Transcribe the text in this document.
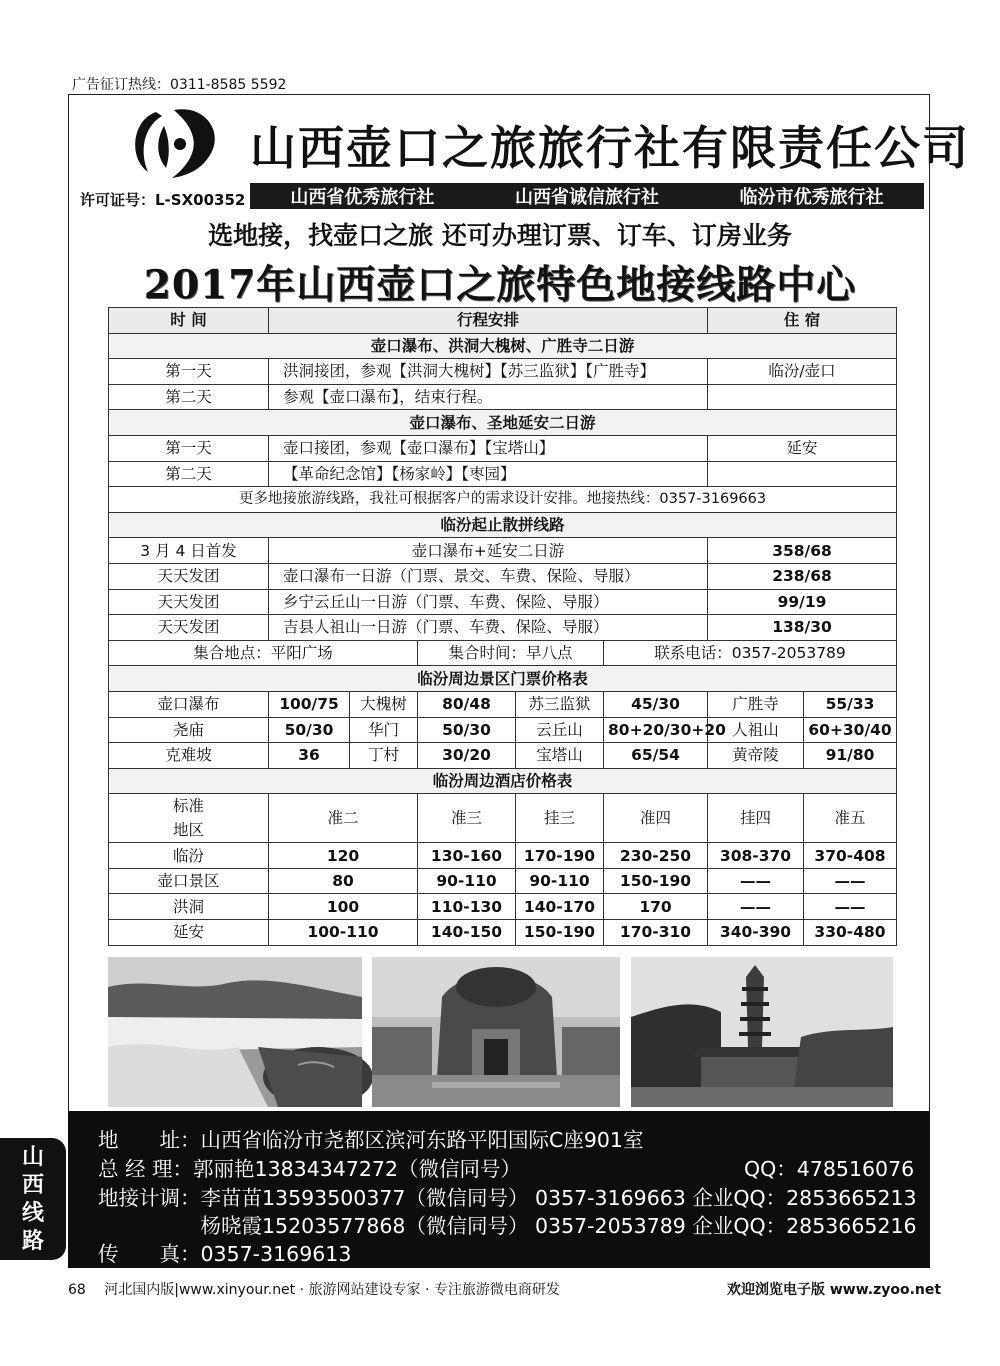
广告征订热线：0311-8585 5592
山西壶口之旅旅行社有限责任公司
许可证号：L-SX00352 山西省优秀旅行社	山西省诚信旅行社	临汾市优秀旅行社
选地接，找壶口之旅 还可办理订票、订车、订房业务
2017年山西壶口之旅特色地接线路中心
时 间	行程安排					住 宿	
壶口瀑布、洪洞大槐树、广胜寺二日游							
第一天	洪洞接团，参观【洪洞大槐树】【苏三监狱】【广胜寺】					临汾/壶口	
第二天	参观【壶口瀑布】，结束行程。						
壶口瀑布、圣地延安二日游							
第一天	壶口接团，参观【壶口瀑布】【宝塔山】					延安	
第二天	【革命纪念馆】【杨家岭】【枣园】						
更多地接旅游线路，我社可根据客户的需求设计安排。地接热线：0357-3169663							
临汾起止散拼线路							
3 月 4 日首发	壶口瀑布+延安二日游					358/68	
天天发团	壶口瀑布一日游（门票、景交、车费、保险、导服）					238/68	
天天发团	乡宁云丘山一日游（门票、车费、保险、导服）					99/19	
天天发团	吉县人祖山一日游（门票、车费、保险、导服）					138/30	
集合地点：平阳广场			集合时间：早八点		联系电话：0357-2053789		
临汾周边景区门票价格表							
壶口瀑布	100/75	大槐树	80/48	苏三监狱	45/30	广胜寺	55/33
尧庙	50/30	华门	50/30	云丘山	80+20/30+20	人祖山	60+30/40
克难坡	36	丁村	30/20	宝塔山	65/54	黄帝陵	91/80
临汾周边酒店价格表							
标准
地区	准二		准三	挂三	准四	挂四	准五
临汾	120		130-160	170-190	230-250	308-370	370-408
壶口景区	80		90-110	90-110	150-190	——	——
洪洞	100		110-130	140-170	170	——	——
延安	100-110		140-150	150-190	170-310	340-390	330-480
地　　址：山西省临汾市尧都区滨河东路平阳国际C座901室
总 经 理：郭丽艳13834347272（微信同号）	QQ：478516076
地接计调：李苗苗13593500377（微信同号） 0357-3169663 企业QQ：2853665213
　　　　　杨晓霞15203577868（微信同号） 0357-2053789 企业QQ：2853665216
传　　真：0357-3169613
山
西
线
路
68　 河北国内版|www.xinyour.net · 旅游网站建设专家 · 专注旅游微电商研发	欢迎浏览电子版 www.zyoo.net
